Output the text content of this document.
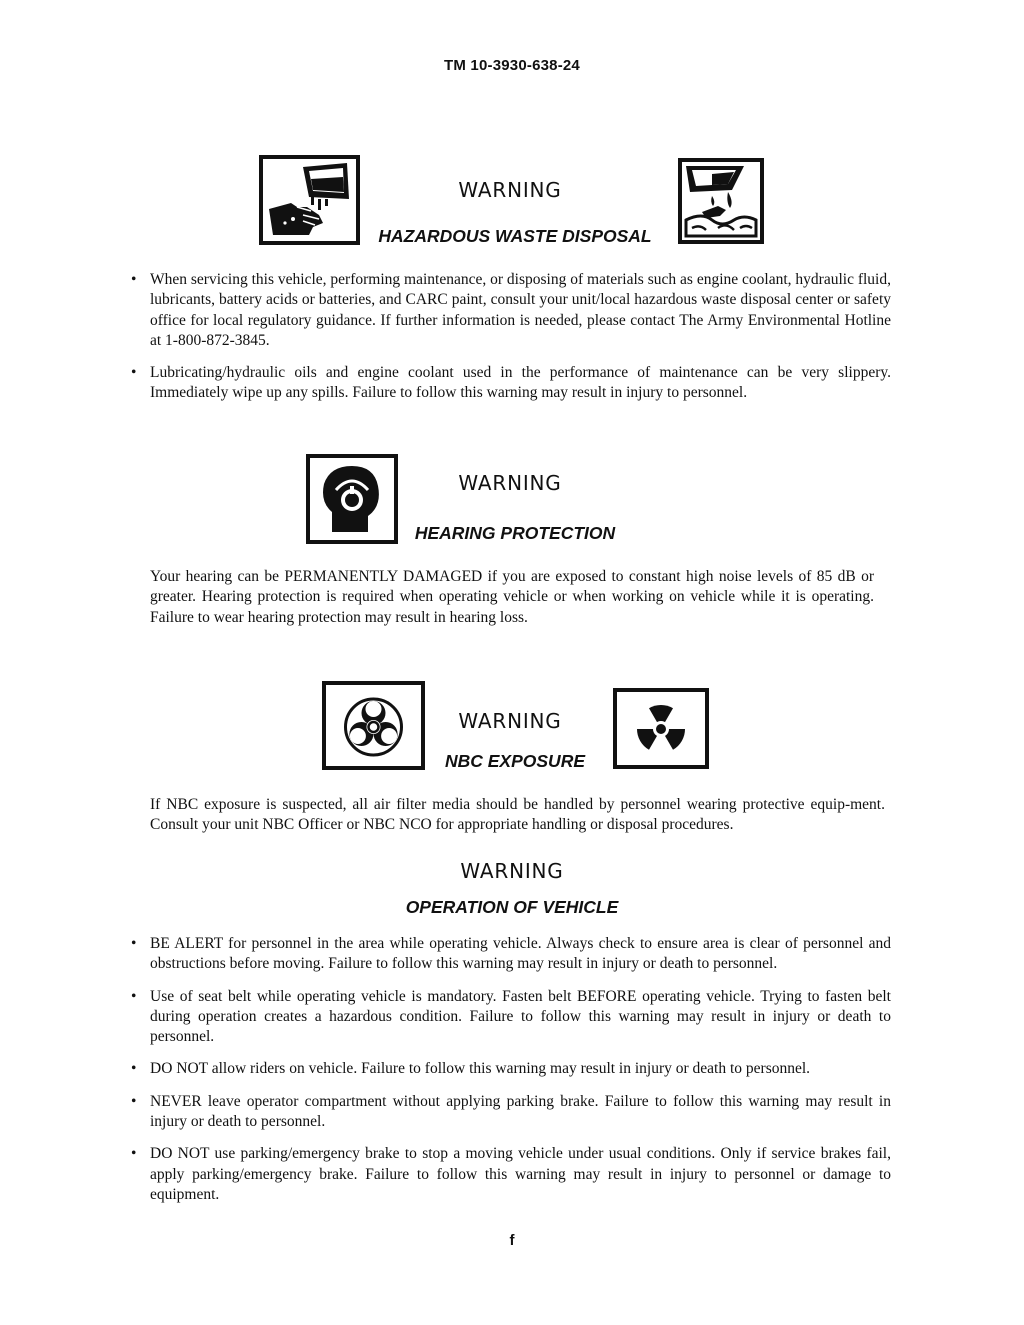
TM 10-3930-638-24
WARNING
HAZARDOUS WASTE DISPOSAL
• When servicing this vehicle, performing maintenance, or disposing of materials such as engine coolant, hydraulic fluid, lubricants, battery acids or batteries, and CARC paint, consult your unit/local hazardous waste disposal center or safety office for local regulatory guidance. If further information is needed, please contact The Army Environmental Hotline at 1-800-872-3845.
• Lubricating/hydraulic oils and engine coolant used in the performance of maintenance can be very slippery. Immediately wipe up any spills. Failure to follow this warning may result in injury to personnel.
WARNING
HEARING PROTECTION
Your hearing can be PERMANENTLY DAMAGED if you are exposed to constant high noise levels of 85 dB or greater. Hearing protection is required when operating vehicle or when working on vehicle while it is operating. Failure to wear hearing protection may result in hearing loss.
WARNING
NBC EXPOSURE
If NBC exposure is suspected, all air filter media should be handled by personnel wearing protective equip-ment. Consult your unit NBC Officer or NBC NCO for appropriate handling or disposal procedures.
WARNING
OPERATION OF VEHICLE
• BE ALERT for personnel in the area while operating vehicle. Always check to ensure area is clear of personnel and obstructions before moving. Failure to follow this warning may result in injury or death to personnel.
• Use of seat belt while operating vehicle is mandatory. Fasten belt BEFORE operating vehicle. Trying to fasten belt during operation creates a hazardous condition. Failure to follow this warning may result in injury or death to personnel.
• DO NOT allow riders on vehicle. Failure to follow this warning may result in injury or death to personnel.
• NEVER leave operator compartment without applying parking brake. Failure to follow this warning may result in injury or death to personnel.
• DO NOT use parking/emergency brake to stop a moving vehicle under usual conditions. Only if service brakes fail, apply parking/emergency brake. Failure to follow this warning may result in injury to personnel or damage to equipment.
f
